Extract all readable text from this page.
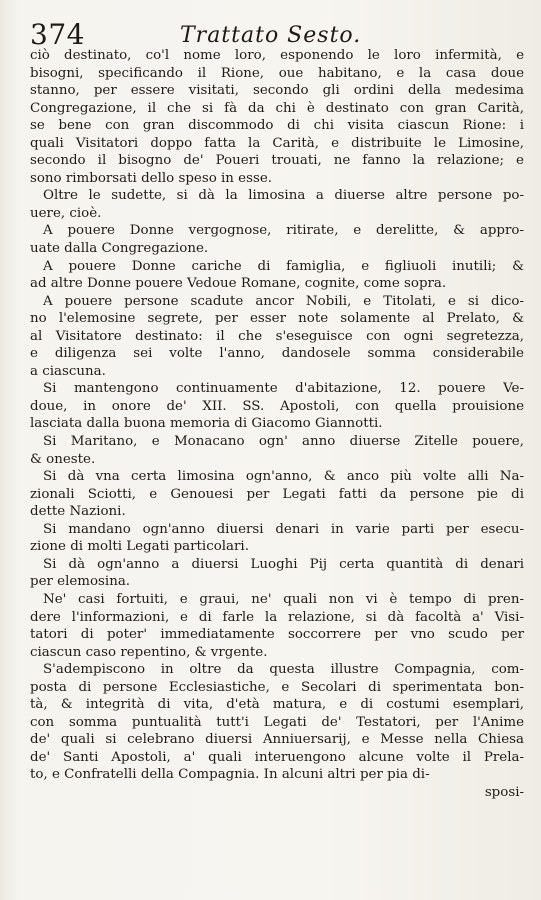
374	Trattato Sesto.
ciò destinato, co'l nome loro, esponendo le loro infermità, e
bisogni, specificando il Rione, oue habitano, e la casa doue
stanno, per essere visitati, secondo gli ordini della medesima
Congregazione, il che si fà da chi è destinato con gran Carità,
se bene con gran discommodo di chi visita ciascun Rione: i
quali Visitatori doppo fatta la Carità, e distribuite le Limosine,
secondo il bisogno de' Poueri trouati, ne fanno la relazione; e
sono rimborsati dello speso in esse.
Oltre le sudette, si dà la limosina a diuerse altre persone po-
uere, cioè.
A pouere Donne vergognose, ritirate, e derelitte, & appro-
uate dalla Congregazione.
A pouere Donne cariche di famiglia, e figliuoli inutili; &
ad altre Donne pouere Vedoue Romane, cognite, come sopra.
A pouere persone scadute ancor Nobili, e Titolati, e si dico-
no l'elemosine segrete, per esser note solamente al Prelato, &
al Visitatore destinato: il che s'eseguisce con ogni segretezza,
e diligenza sei volte l'anno, dandosele somma considerabile
a ciascuna.
Si mantengono continuamente d'abitazione, 12. pouere Ve-
doue, in onore de' XII. SS. Apostoli, con quella prouisione
lasciata dalla buona memoria di Giacomo Giannotti.
Si Maritano, e Monacano ogn' anno diuerse Zitelle pouere,
& oneste.
Si dà vna certa limosina ogn'anno, & anco più volte alli Na-
zionali Sciotti, e Genouesi per Legati fatti da persone pie di
dette Nazioni.
Si mandano ogn'anno diuersi denari in varie parti per esecu-
zione di molti Legati particolari.
Si dà ogn'anno a diuersi Luoghi Pij certa quantità di denari
per elemosina.
Ne' casi fortuiti, e graui, ne' quali non vi è tempo di pren-
dere l'informazioni, e di farle la relazione, si dà facoltà a' Visi-
tatori di poter' immediatamente soccorrere per vno scudo per
ciascun caso repentino, & vrgente.
S'adempiscono in oltre da questa illustre Compagnia, com-
posta di persone Ecclesiastiche, e Secolari di sperimentata bon-
tà, & integrità di vita, d'età matura, e di costumi esemplari,
con somma puntualità tutt'i Legati de' Testatori, per l'Anime
de' quali si celebrano diuersi Anniuersarij, e Messe nella Chiesa
de' Santi Apostoli, a' quali interuengono alcune volte il Prela-
to, e Confratelli della Compagnia. In alcuni altri per pia di-
sposi-
